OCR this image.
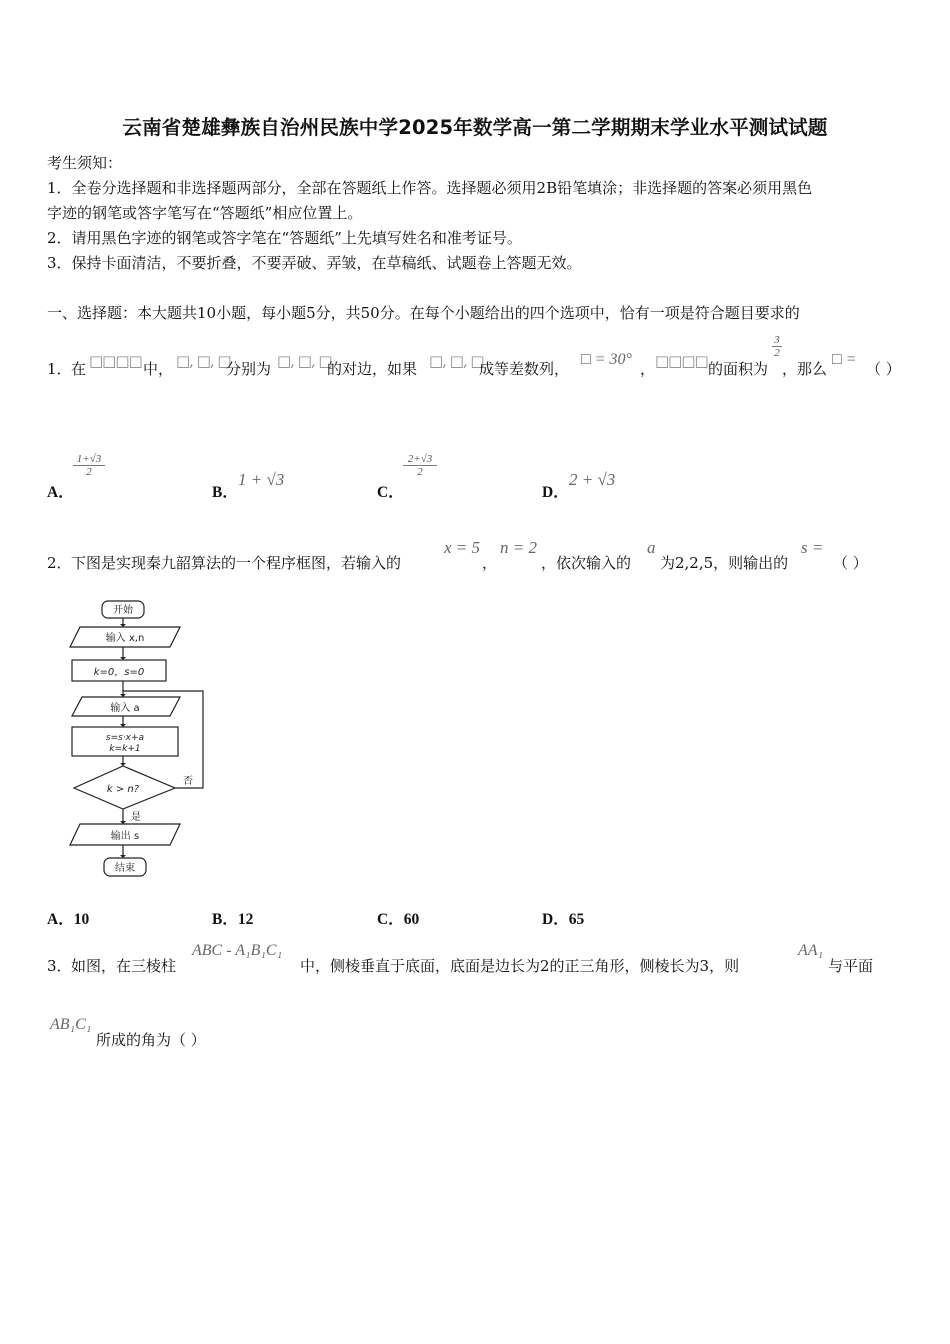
云南省楚雄彝族自治州民族中学2025年数学高一第二学期期末学业水平测试试题
考生须知：
1．全卷分选择题和非选择题两部分，全部在答题纸上作答。选择题必须用2B铅笔填涂；非选择题的答案必须用黑色
字迹的钢笔或答字笔写在“答题纸”相应位置上。
2．请用黑色字迹的钢笔或答字笔在“答题纸”上先填写姓名和准考证号。
3．保持卡面清洁，不要折叠，不要弄破、弄皱，在草稿纸、试题卷上答题无效。
一、选择题：本大题共10小题，每小题5分，共50分。在每个小题给出的四个选项中，恰有一项是符合题目要求的
1． 在 □□□□ 中， □, □, □
分别为 □, □, □
的对边，如果 □, □, □
成等差数列，
□ = 30°
， □□□□ 的面积为
$\frac{3}{2}$
，那么
□ =
（ ）
A．
$\frac{1+√3}{2}$
B．
1 + √3
C．
$\frac{2+√3}{2}$
D．
2 + √3
2． 下图是实现秦九韶算法的一个程序框图，若输入的
x = 5
，
n = 2
，依次输入的
a
为2,2,5，则输出的
s =
（ ）
开始
输入 x,n
k=0，s=0
输入 a
s=s·x+a
k=k+1
k > n?
否
是
输出 s
结束
A．10	B．12	C．60	D．65
3． 如图，在三棱柱
ABC - A₁B₁C₁
中，侧棱垂直于底面，底面是边长为2的正三角形，侧棱长为3，则
AA₁
与平面
AB₁C₁
所成的角为（ ）
